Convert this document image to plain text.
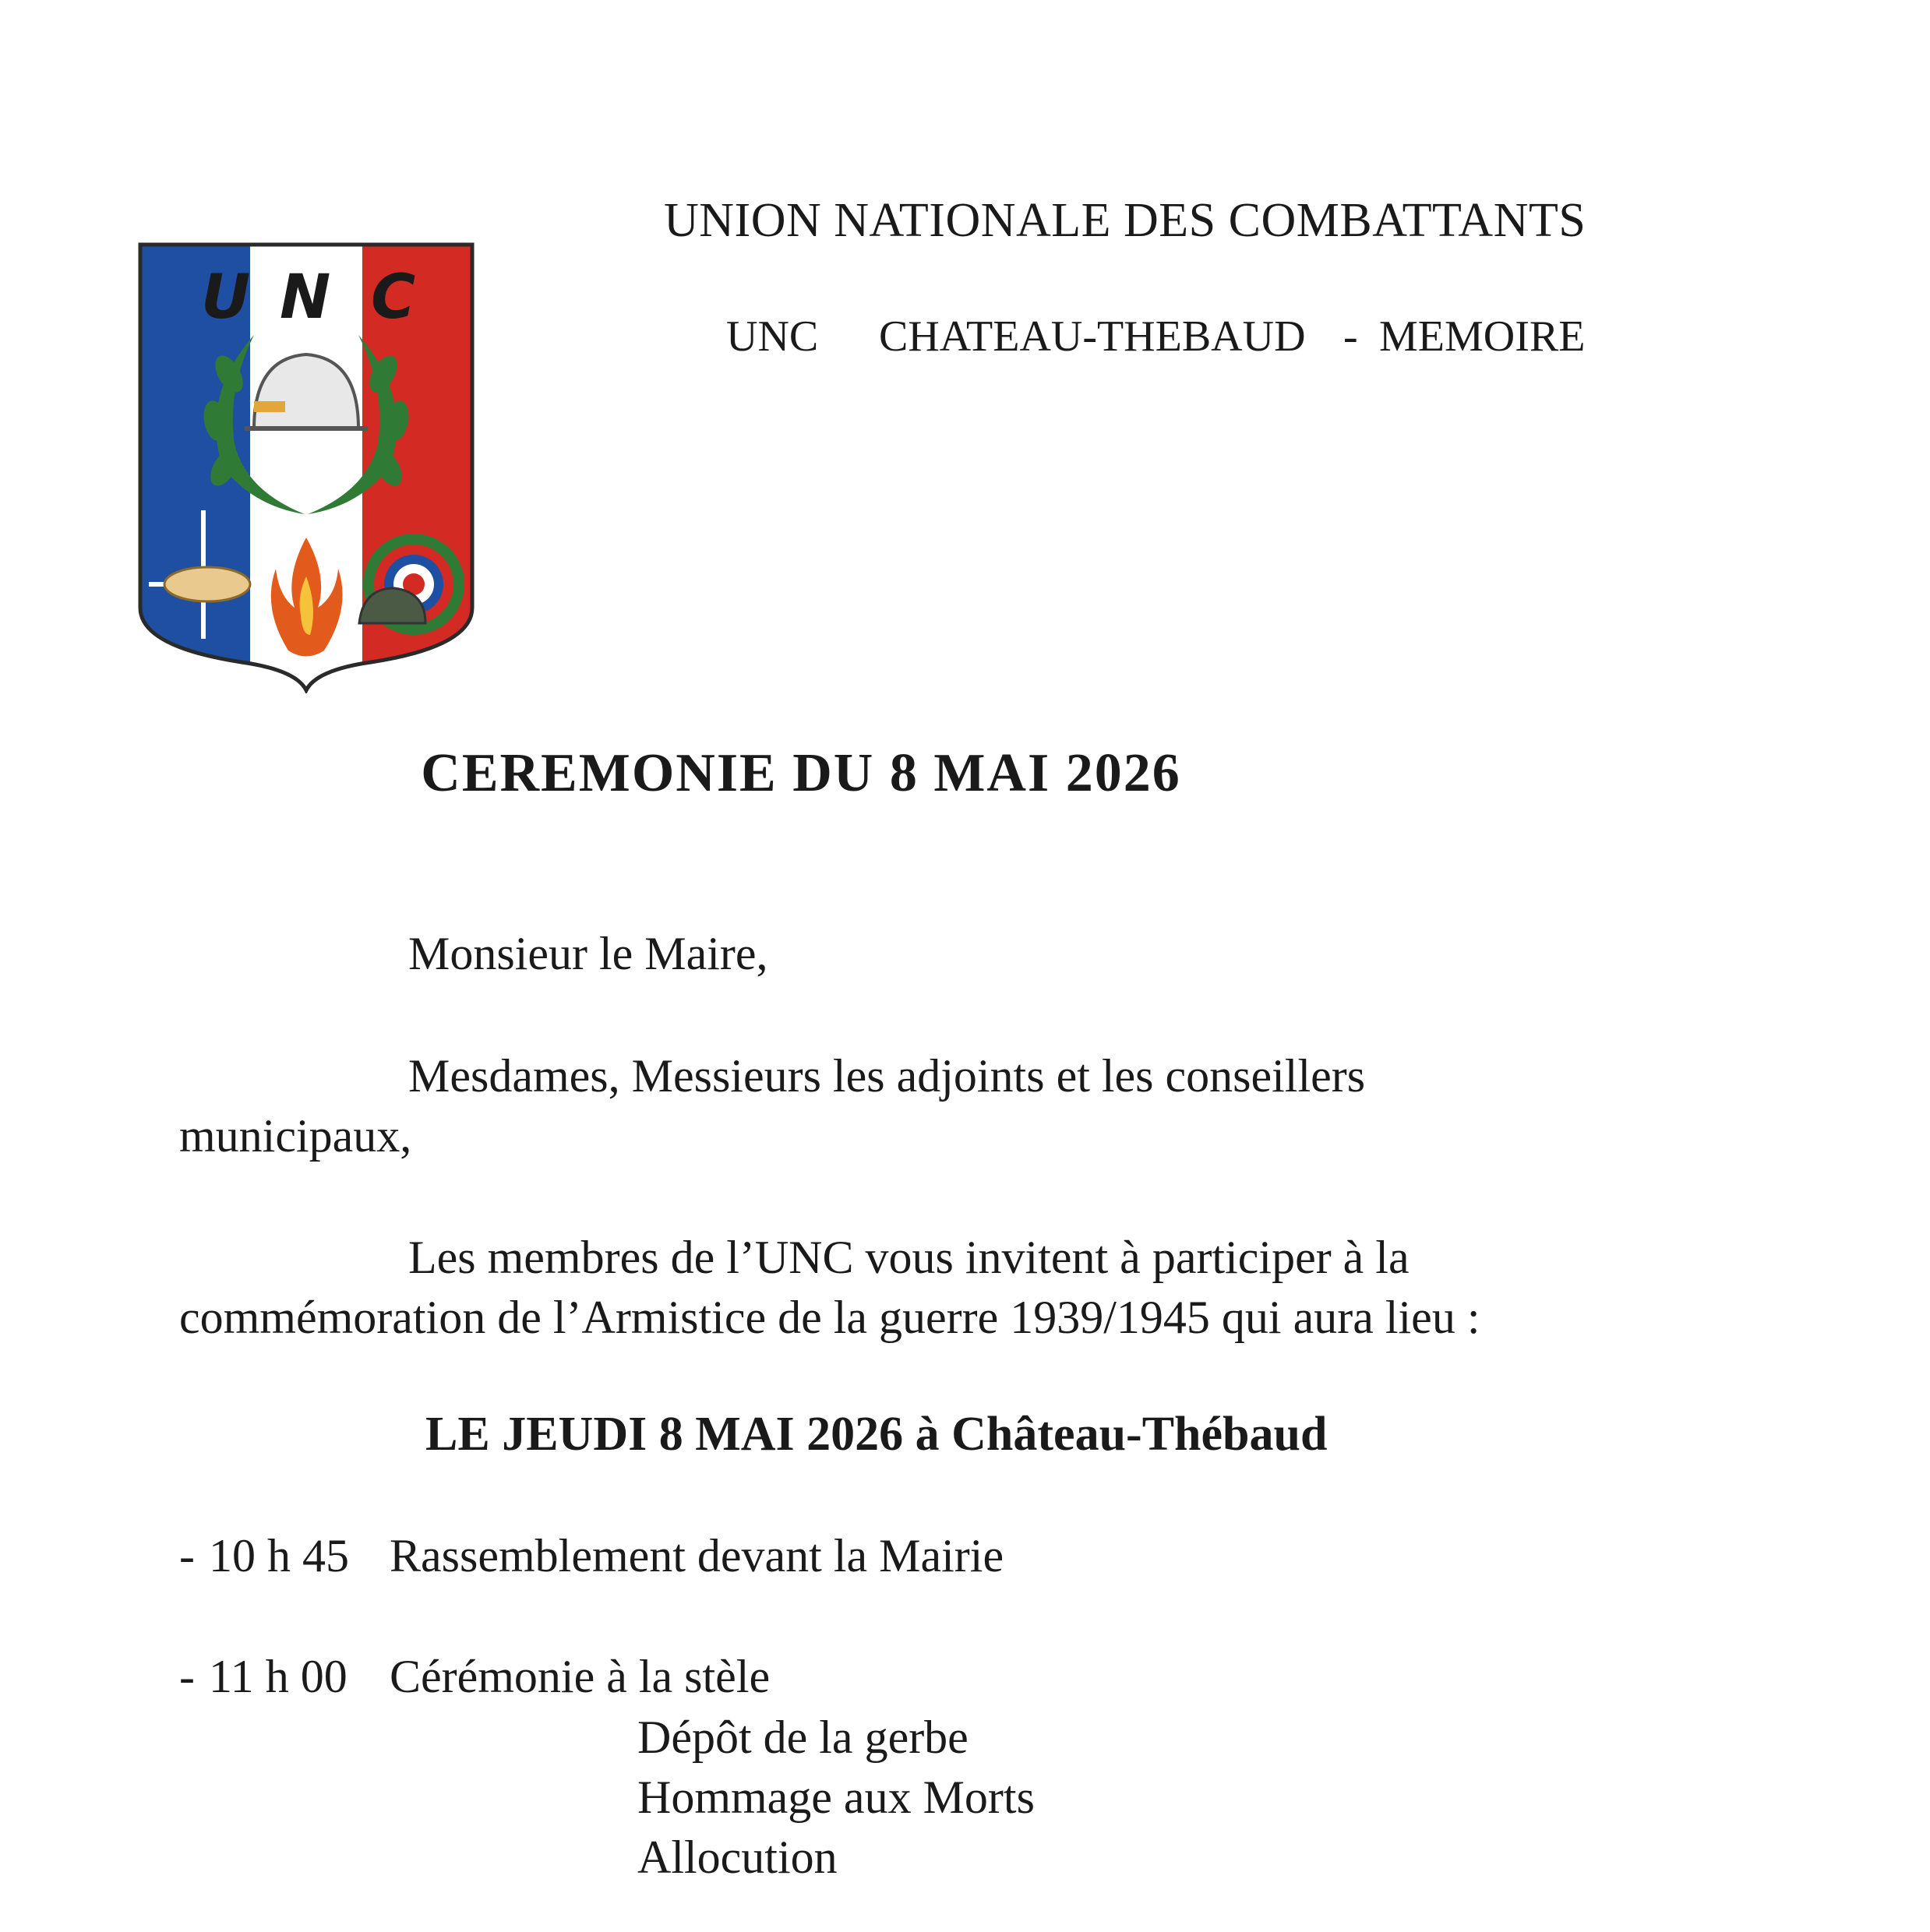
U N C
UNION NATIONALE DES COMBATTANTS
UNC CHATEAU-THEBAUD - MEMOIRE
CEREMONIE DU 8 MAI 2026
Monsieur le Maire,
Mesdames, Messieurs les adjoints et les conseillers
municipaux,
Les membres de l’UNC vous invitent à participer à la
commémoration de l’Armistice de la guerre 1939/1945 qui aura lieu :
LE JEUDI 8 MAI 2026 à Château-Thébaud
- 10 h 45 Rassemblement devant la Mairie
- 11 h 00 Cérémonie à la stèle
Dépôt de la gerbe
Hommage aux Morts
Allocution
